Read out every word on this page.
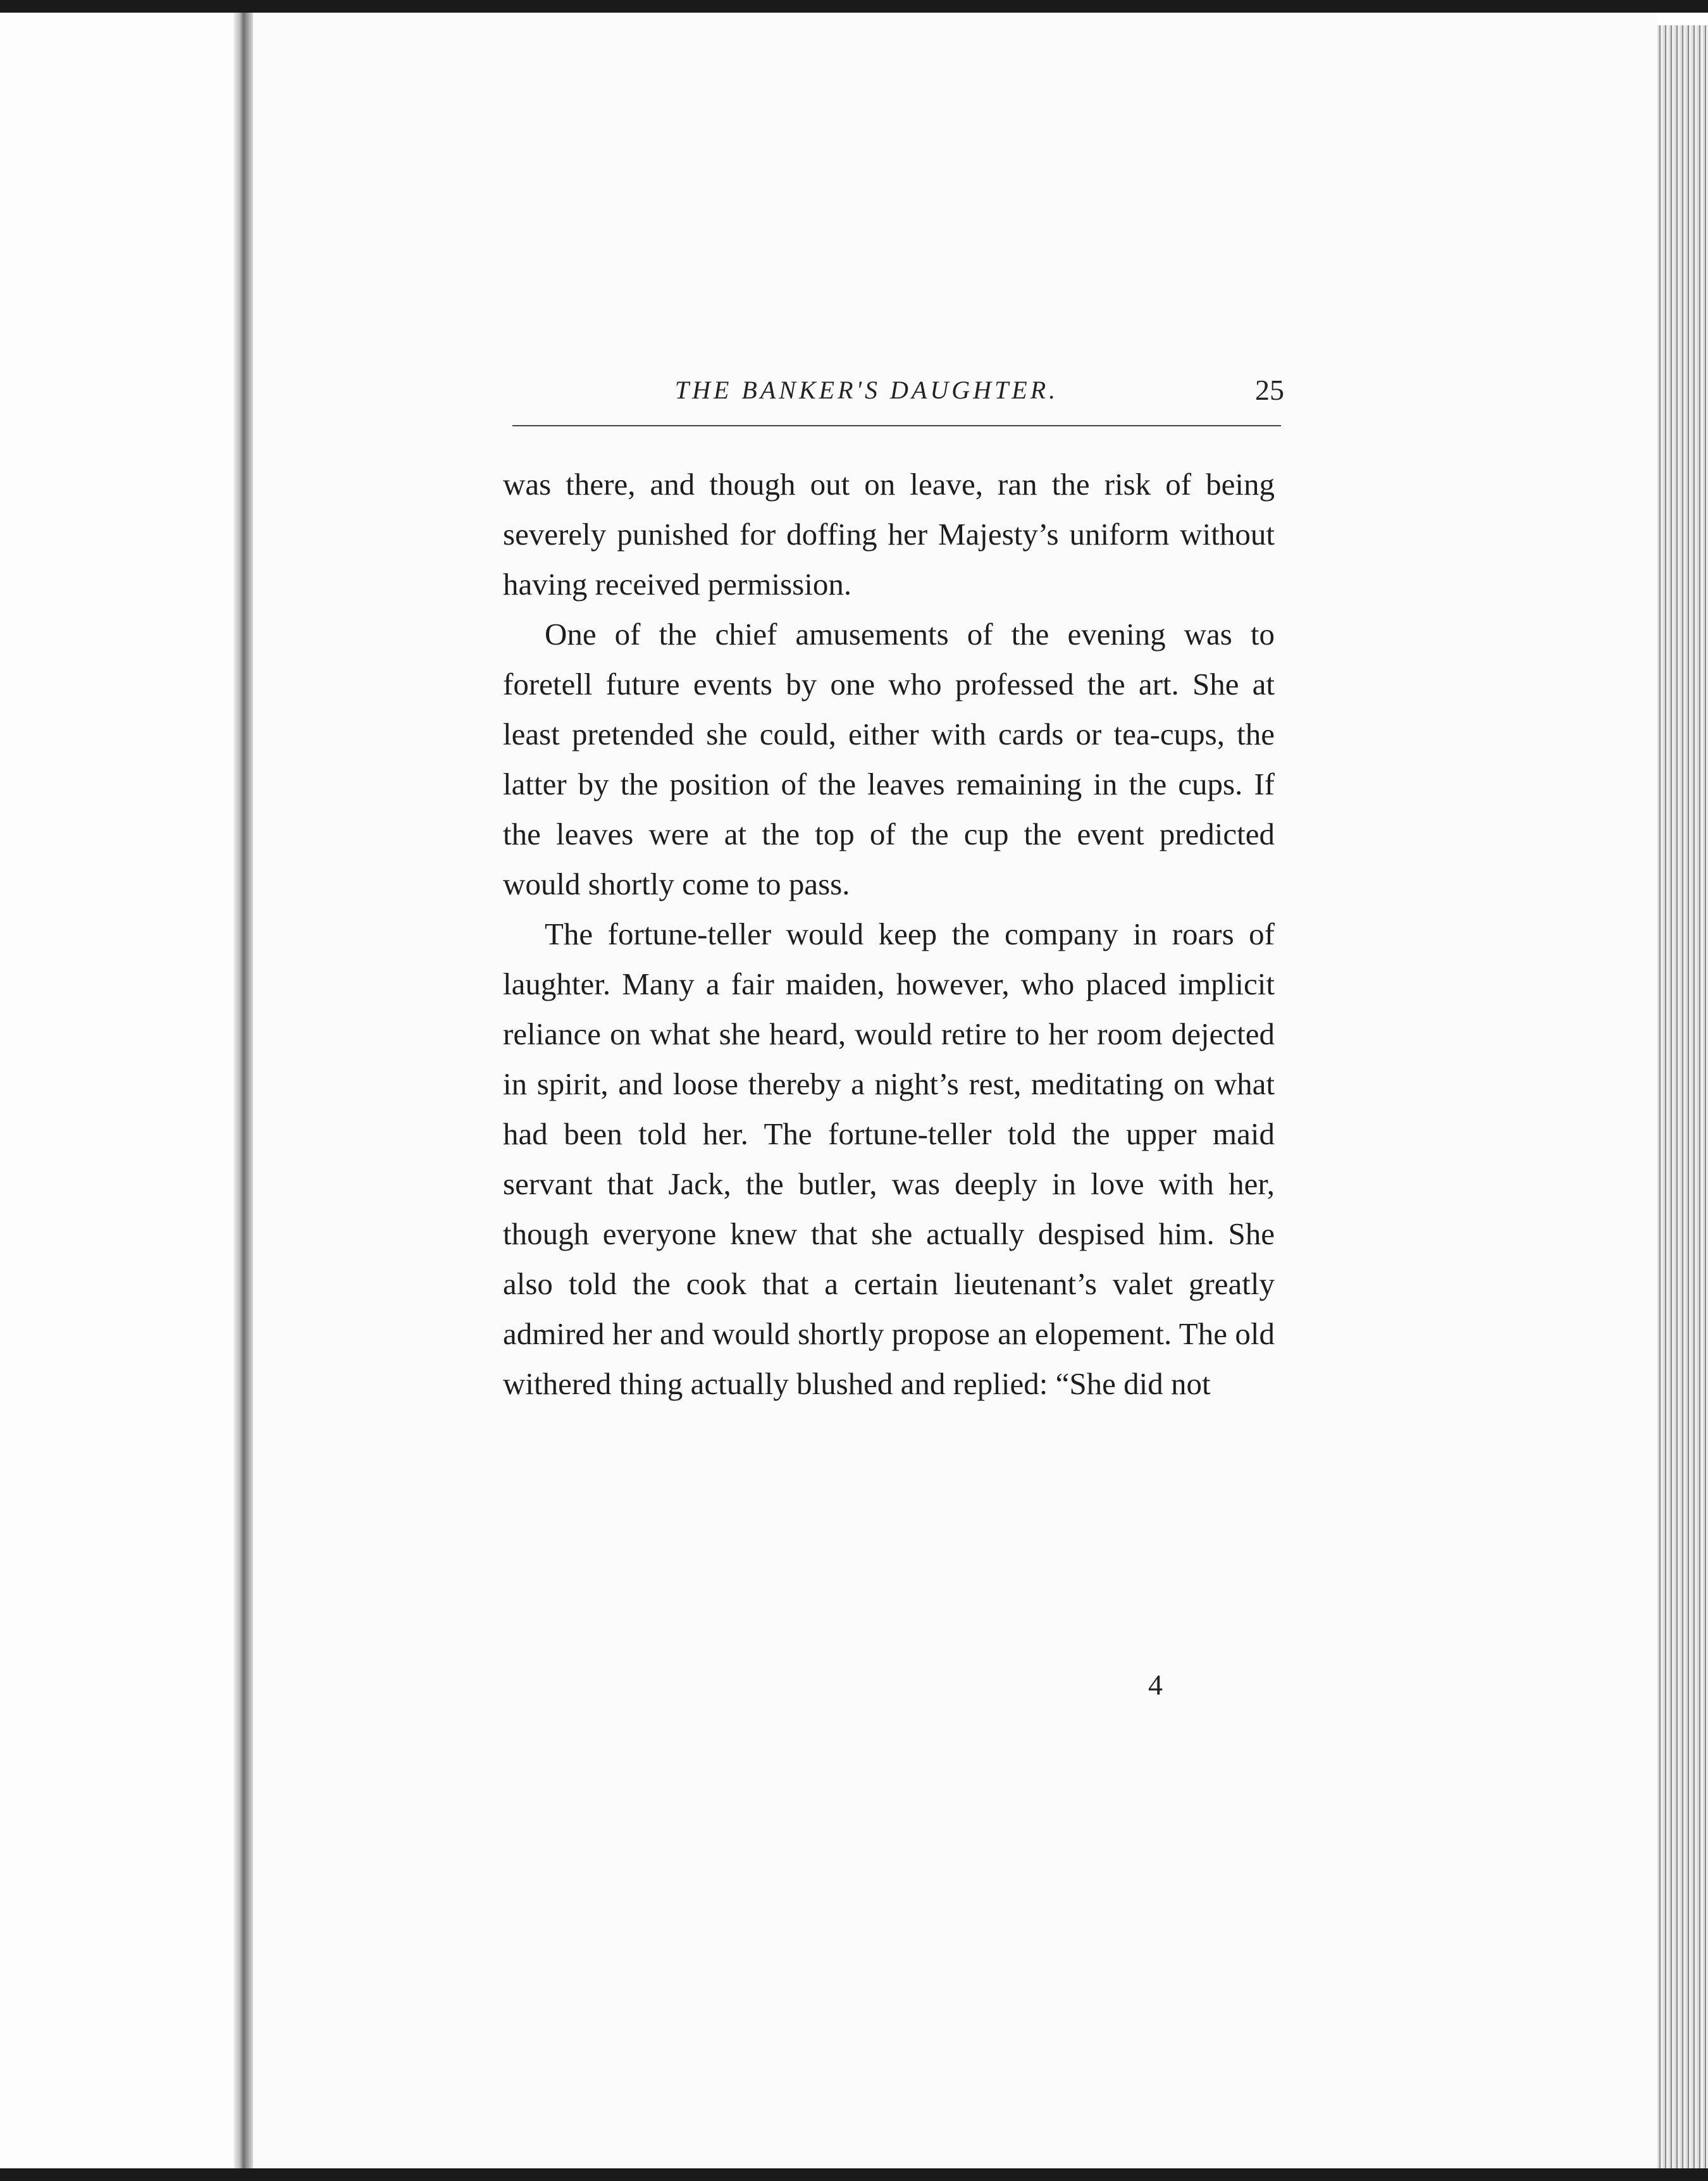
THE BANKER'S DAUGHTER.	25

was there, and though out on leave, ran the risk of being severely punished for doffing her Majesty’s uniform without having received permission.

One of the chief amusements of the evening was to foretell future events by one who professed the art. She at least pretended she could, either with cards or tea-cups, the latter by the position of the leaves remaining in the cups. If the leaves were at the top of the cup the event predicted would shortly come to pass.

The fortune-teller would keep the company in roars of laughter. Many a fair maiden, however, who placed implicit reliance on what she heard, would retire to her room dejected in spirit, and loose thereby a night’s rest, meditating on what had been told her. The fortune-teller told the upper maid servant that Jack, the butler, was deeply in love with her, though everyone knew that she actually despised him. She also told the cook that a certain lieutenant’s valet greatly admired her and would shortly propose an elopement. The old withered thing actually blushed and replied: “She did not

4
